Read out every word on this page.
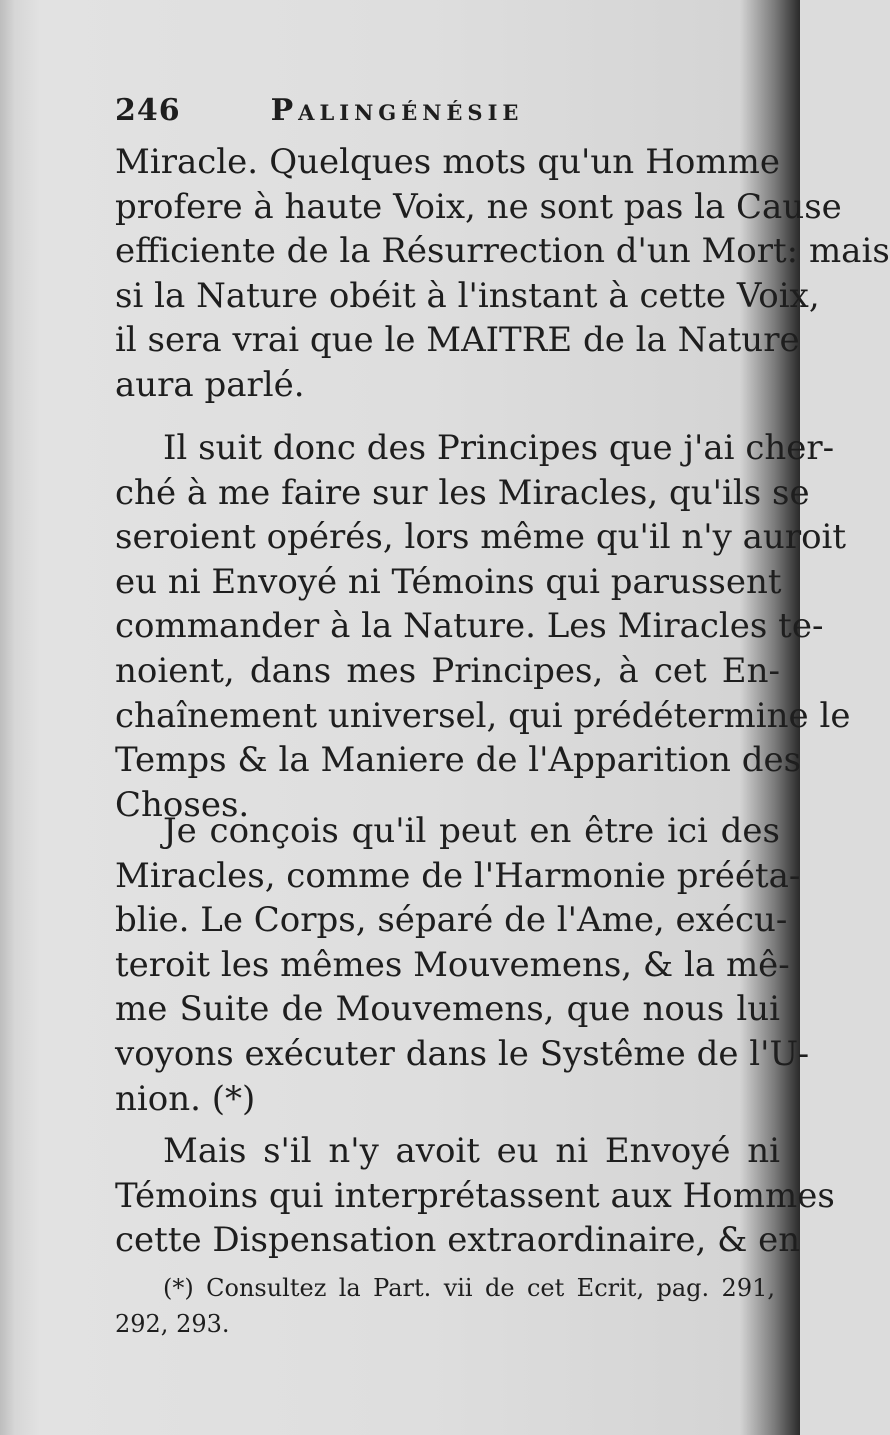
246	Palingénésie
Miracle. Quelques mots qu'un Homme
profere à haute Voix, ne sont pas la Cause
efficiente de la Résurrection d'un Mort: mais
si la Nature obéit à l'instant à cette Voix,
il sera vrai que le MAITRE de la Nature
aura parlé.
Il suit donc des Principes que j'ai cher-
ché à me faire sur les Miracles, qu'ils se
seroient opérés, lors même qu'il n'y auroit
eu ni Envoyé ni Témoins qui parussent
commander à la Nature. Les Miracles te-
noient, dans mes Principes, à cet En-
chaînement universel, qui prédétermine le
Temps & la Maniere de l'Apparition des
Choses.
Je conçois qu'il peut en être ici des
Miracles, comme de l'Harmonie prééta-
blie. Le Corps, séparé de l'Ame, exécu-
teroit les mêmes Mouvemens, & la mê-
me Suite de Mouvemens, que nous lui
voyons exécuter dans le Systême de l'U-
nion. (*)
Mais s'il n'y avoit eu ni Envoyé ni
Témoins qui interprétassent aux Hommes
cette Dispensation extraordinaire, & en
(*) Consultez la Part. vii de cet Ecrit, pag. 291,
292, 293.
